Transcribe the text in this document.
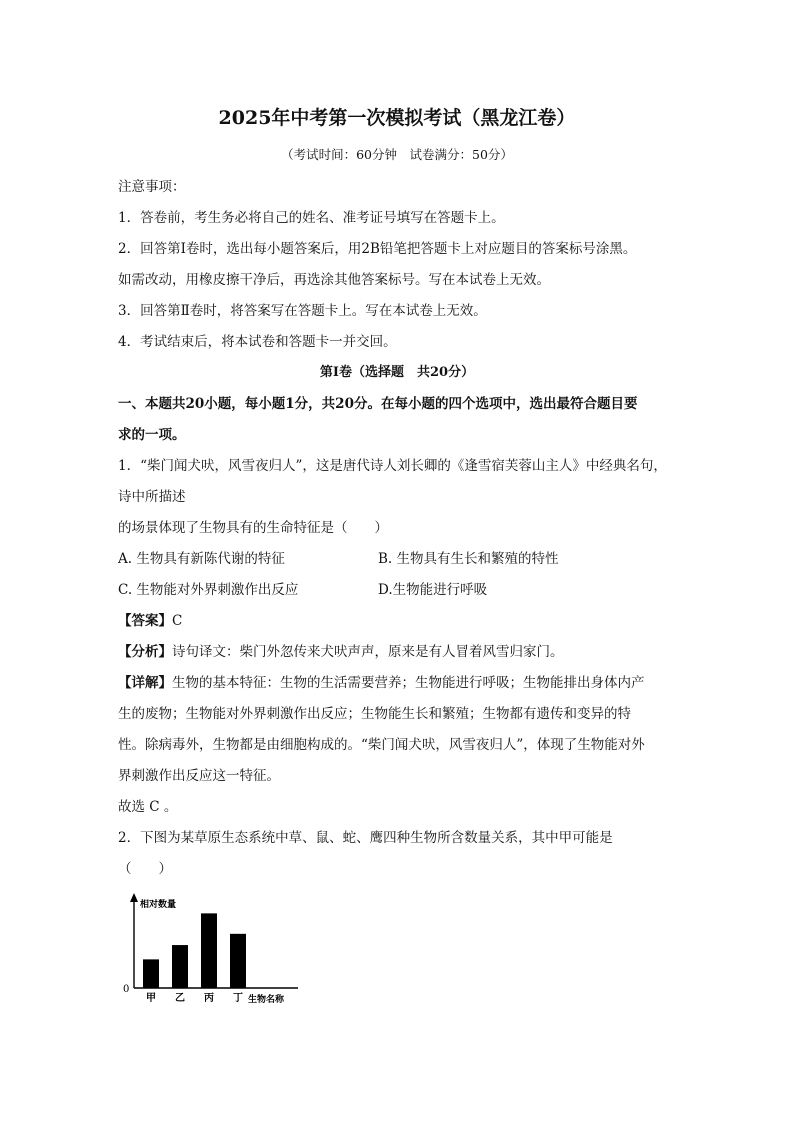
2025年中考第一次模拟考试（黑龙江卷）
（考试时间：60分钟　试卷满分：50分）
注意事项：
1．答卷前，考生务必将自己的姓名、准考证号填写在答题卡上。
2．回答第Ⅰ卷时，选出每小题答案后，用2B铅笔把答题卡上对应题目的答案标号涂黑。
如需改动，用橡皮擦干净后，再选涂其他答案标号。写在本试卷上无效。
3．回答第Ⅱ卷时，将答案写在答题卡上。写在本试卷上无效。
4．考试结束后，将本试卷和答题卡一并交回。
第Ⅰ卷（选择题　共20分）
一、本题共20小题，每小题1分，共20分。在每小题的四个选项中，选出最符合题目要
求的一项。
1．“柴门闻犬吠，风雪夜归人”，这是唐代诗人刘长卿的《逢雪宿芙蓉山主人》中经典名句，
诗中所描述
的场景体现了生物具有的生命特征是（　　）
A. 生物具有新陈代谢的特征	B. 生物具有生长和繁殖的特性
C. 生物能对外界刺激作出反应	D.生物能进行呼吸
【答案】C
【分析】诗句译文：柴门外忽传来犬吠声声，原来是有人冒着风雪归家门。
【详解】生物的基本特征：生物的生活需要营养；生物能进行呼吸；生物能排出身体内产
生的废物；生物能对外界刺激作出反应；生物能生长和繁殖；生物都有遗传和变异的特
性。除病毒外，生物都是由细胞构成的。“柴门闻犬吠，风雪夜归人”，体现了生物能对外
界刺激作出反应这一特征。
故选 C 。
2．下图为某草原生态系统中草、鼠、蛇、鹰四种生物所含数量关系，其中甲可能是
（　　）
相对数量
0
生物名称
甲 乙 丙 丁
